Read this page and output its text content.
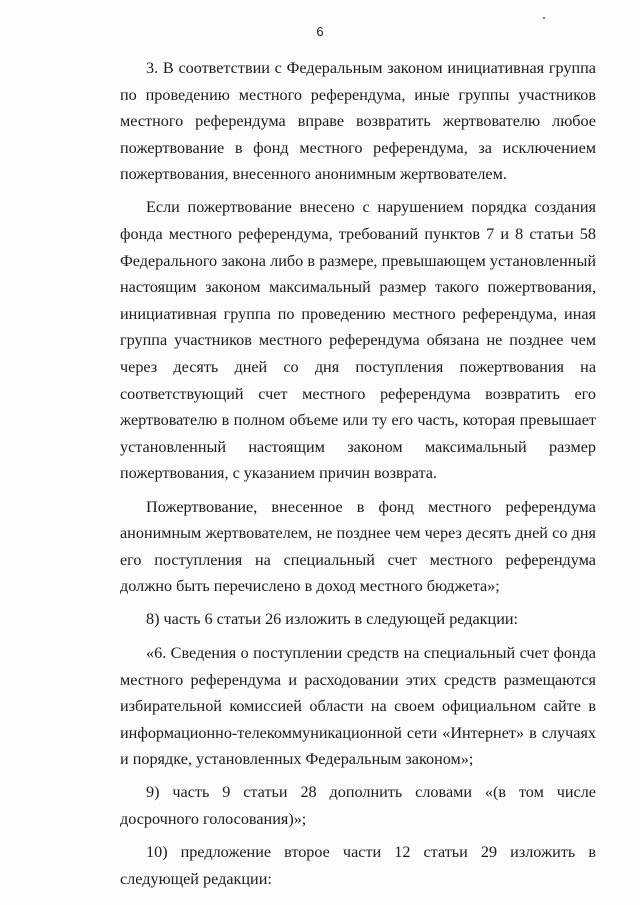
6

3. В соответствии с Федеральным законом инициативная группа по проведению местного референдума, иные группы участников местного референдума вправе возвратить жертвователю любое пожертвование в фонд местного референдума, за исключением пожертвования, внесенного анонимным жертвователем.

Если пожертвование внесено с нарушением порядка создания фонда местного референдума, требований пунктов 7 и 8 статьи 58 Федерального закона либо в размере, превышающем установленный настоящим законом максимальный размер такого пожертвования, инициативная группа по проведению местного референдума, иная группа участников местного референдума обязана не позднее чем через десять дней со дня поступления пожертвования на соответствующий счет местного референдума возвратить его жертвователю в полном объеме или ту его часть, которая превышает установленный настоящим законом максимальный размер пожертвования, с указанием причин возврата.

Пожертвование, внесенное в фонд местного референдума анонимным жертвователем, не позднее чем через десять дней со дня его поступления на специальный счет местного референдума должно быть перечислено в доход местного бюджета»;

8) часть 6 статьи 26 изложить в следующей редакции:

«6. Сведения о поступлении средств на специальный счет фонда местного референдума и расходовании этих средств размещаются избирательной комиссией области на своем официальном сайте в информационно-телекоммуникационной сети «Интернет» в случаях и порядке, установленных Федеральным законом»;

9) часть 9 статьи 28 дополнить словами «(в том числе досрочного голосования)»;

10) предложение второе части 12 статьи 29 изложить в следующей редакции:
